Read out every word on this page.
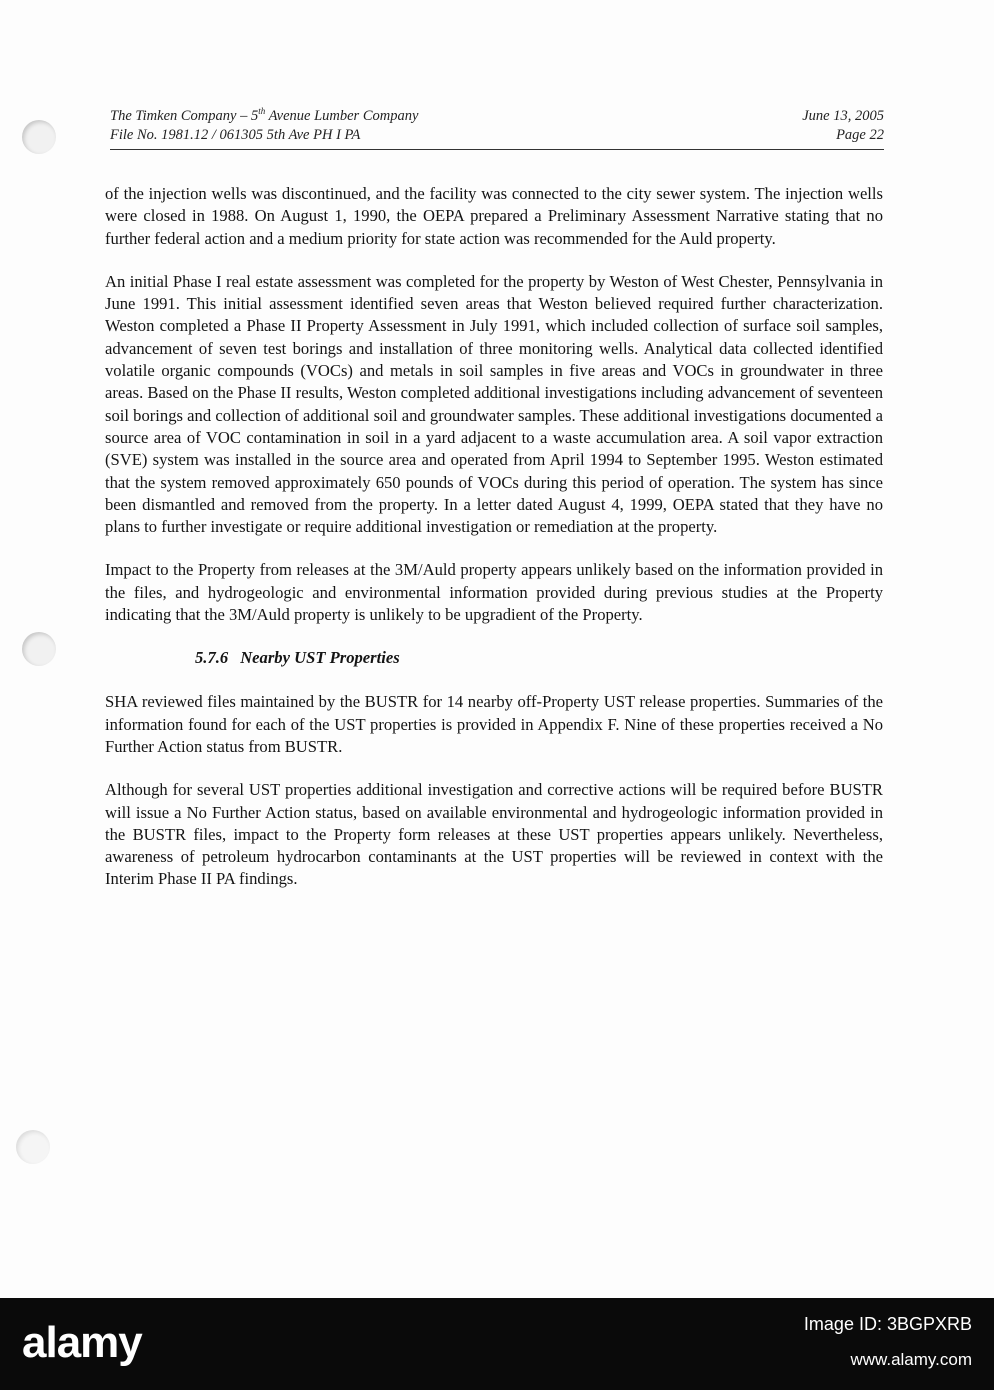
The Timken Company – 5th Avenue Lumber Company
File No. 1981.12 / 061305 5th Ave PH I PA
June 13, 2005
Page 22

of the injection wells was discontinued, and the facility was connected to the city sewer system. The injection wells were closed in 1988. On August 1, 1990, the OEPA prepared a Preliminary Assessment Narrative stating that no further federal action and a medium priority for state action was recommended for the Auld property.

An initial Phase I real estate assessment was completed for the property by Weston of West Chester, Pennsylvania in June 1991. This initial assessment identified seven areas that Weston believed required further characterization. Weston completed a Phase II Property Assessment in July 1991, which included collection of surface soil samples, advancement of seven test borings and installation of three monitoring wells. Analytical data collected identified volatile organic compounds (VOCs) and metals in soil samples in five areas and VOCs in groundwater in three areas. Based on the Phase II results, Weston completed additional investigations including advancement of seventeen soil borings and collection of additional soil and groundwater samples. These additional investigations documented a source area of VOC contamination in soil in a yard adjacent to a waste accumulation area. A soil vapor extraction (SVE) system was installed in the source area and operated from April 1994 to September 1995. Weston estimated that the system removed approximately 650 pounds of VOCs during this period of operation. The system has since been dismantled and removed from the property. In a letter dated August 4, 1999, OEPA stated that they have no plans to further investigate or require additional investigation or remediation at the property.

Impact to the Property from releases at the 3M/Auld property appears unlikely based on the information provided in the files, and hydrogeologic and environmental information provided during previous studies at the Property indicating that the 3M/Auld property is unlikely to be upgradient of the Property.

5.7.6 Nearby UST Properties

SHA reviewed files maintained by the BUSTR for 14 nearby off-Property UST release properties. Summaries of the information found for each of the UST properties is provided in Appendix F. Nine of these properties received a No Further Action status from BUSTR.

Although for several UST properties additional investigation and corrective actions will be required before BUSTR will issue a No Further Action status, based on available environmental and hydrogeologic information provided in the BUSTR files, impact to the Property form releases at these UST properties appears unlikely. Nevertheless, awareness of petroleum hydrocarbon contaminants at the UST properties will be reviewed in context with the Interim Phase II PA findings.

alamy	Image ID: 3BGPXRB
www.alamy.com
